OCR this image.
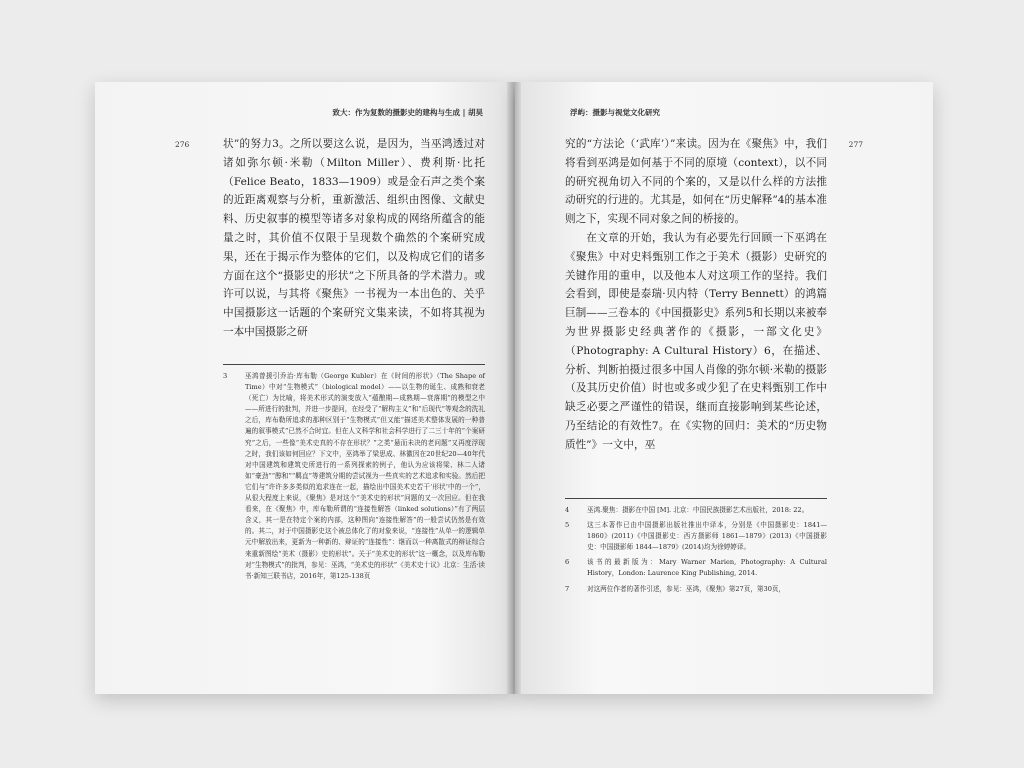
致大：作为复数的摄影史的建构与生成 | 胡昊
276	状”的努力3。之所以要这么说，是因为，当巫鸿透过对诸如弥尔顿·米勒（Milton Miller）、费利斯·比托（Felice Beato，1833—1909）或是金石声之类个案的近距离观察与分析，重新激活、组织由图像、文献史料、历史叙事的模型等诸多对象构成的网络所蕴含的能量之时，其价值不仅限于呈现数个确然的个案研究成果，还在于揭示作为整体的它们，以及构成它们的诸多方面在这个“摄影史的形状”之下所具备的学术潜力。或许可以说，与其将《聚焦》一书视为一本出色的、关乎中国摄影这一话题的个案研究文集来读，不如将其视为一本中国摄影之研

3	巫鸿曾援引乔治·库布勒（George Kubler）在《时间的形状》（The Shape of Time）中对“生物模式”（biological model）——以生物的诞生、成熟和衰老（死亡）为比喻，将美术形式的演变放入“蕴酿期—成熟期—衰落期”的模型之中——所进行的批判，并进一步提问，在经受了“解构主义”和“后现代”等观念的洗礼之后，库布勒所追求的那种区别于“生物模式”但又能“描述美术整体发展的一种普遍的叙事模式”已然不合时宜。但在人文科学和社会科学进行了二三十年的“个案研究”之后，一些像“美术史真的不存在形状？”之类“悬而未决的老问题”又再度浮现之时，我们该如何回应？下文中，巫鸿举了梁思成、林徽因在20世纪20—40年代对中国建筑和建筑史所进行的一系列探索的例子，他认为应该将梁、林二人诸如“豪劲”“醇和”“羁直”等建筑分期的尝试视为一些真实的艺术追求和实验。然后把它们与“许许多多类似的追求连在一起，描绘出中国美术史若干‘形状’中的一个”，从很大程度上来说，《聚焦》是对这个“美术史的形状”问题的又一次回应。但在我看来，在《聚焦》中，库布勒所谓的“连接性解答（linked solutions）”有了两层含义，其一是在特定个案的内部，这种图向“连接性解答”的一般尝试仍然是有效的。其二，对于中国摄影史这个被总体化了的对象来说，“连接性”从单一的逻辑单元中解放出来，更新为一种新的、辩证的“连接性”：继而以一种离散式的辩证综合来重新图绘“美术（摄影）史的形状”。关于“美术史的形状”这一概念，以及库布勒对“生物模式”的批判，参见：巫鸿，“美术史的形状”《美术史十议》北京：生活·读书·新知三联书店，2016年，第125-138页
浮屿：摄影与视觉文化研究
277

究的“方法论（‘武库’）”来读。因为在《聚焦》中，我们将看到巫鸿是如何基于不同的原境（context），以不同的研究视角切入不同的个案的，又是以什么样的方法推动研究的行进的。尤其是，如何在“历史解释”4的基本准则之下，实现不同对象之间的桥接的。

在文章的开始，我认为有必要先行回顾一下巫鸿在《聚焦》中对史料甄别工作之于美术（摄影）史研究的关键作用的重申，以及他本人对这项工作的坚持。我们会看到，即使是泰瑞·贝内特（Terry Bennett）的鸿篇巨制——三卷本的《中国摄影史》系列5和长期以来被奉为世界摄影史经典著作的《摄影，一部文化史》（Photography: A Cultural History）6，在描述、分析、判断拍摄过很多中国人肖像的弥尔顿·米勒的摄影（及其历史价值）时也或多或少犯了在史料甄别工作中缺乏必要之严谨性的错误，继而直接影响到某些论述，乃至结论的有效性7。在《实物的回归：美术的“历史物质性”》一文中，巫

4	巫鸿.聚焦：摄影在中国 [M]. 北京：中国民族摄影艺术出版社，2018: 22。
5	这三本著作已由中国摄影出版社推出中译本，分别是《中国摄影史：1841—1860》(2011)《中国摄影史：西方摄影师 1861—1879》(2013)《中国摄影史：中国摄影师 1844—1879》(2014)均为徐婷婷译。
6	该书的最新版为：Mary Warner Marien, Photography: A Cultural History，London: Laurence King Publishing, 2014.
7	对这两位作者的著作引述，参见：巫鸿，《聚焦》第27页，第30页，
